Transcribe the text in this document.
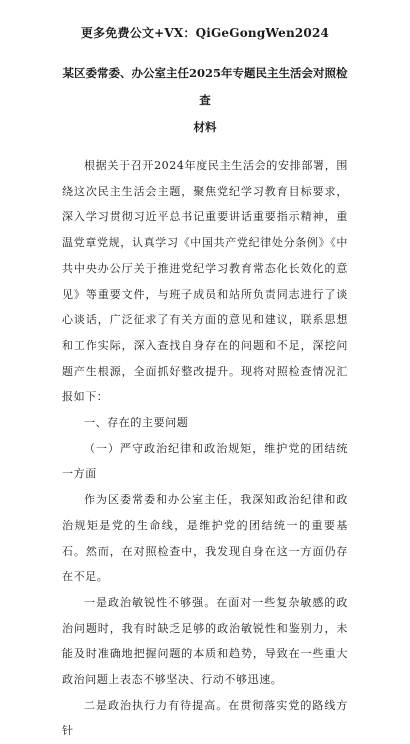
更多免费公文+VX：QiGeGongWen2024
某区委常委、办公室主任2025年专题民主生活会对照检查
材料

根据关于召开2024年度民主生活会的安排部署，围绕这次民主生活会主题，聚焦党纪学习教育目标要求，深入学习贯彻习近平总书记重要讲话重要指示精神，重温党章党规，认真学习《中国共产党纪律处分条例》《中共中央办公厅关于推进党纪学习教育常态化长效化的意见》等重要文件，与班子成员和站所负责同志进行了谈心谈话，广泛征求了有关方面的意见和建议，联系思想和工作实际，深入查找自身存在的问题和不足，深挖问题产生根源，全面抓好整改提升。现将对照检查情况汇报如下：

一、存在的主要问题

（一）严守政治纪律和政治规矩，维护党的团结统一方面

作为区委常委和办公室主任，我深知政治纪律和政治规矩是党的生命线，是维护党的团结统一的重要基石。然而，在对照检查中，我发现自身在这一方面仍存在不足。

一是政治敏锐性不够强。在面对一些复杂敏感的政治问题时，我有时缺乏足够的政治敏锐性和鉴别力，未能及时准确地把握问题的本质和趋势，导致在一些重大政治问题上表态不够坚决、行动不够迅速。

二是政治执行力有待提高。在贯彻落实党的路线方针
